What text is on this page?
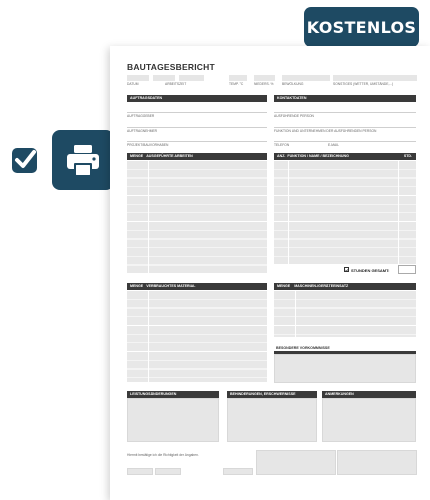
KOSTENLOS
BAUTAGESBERICHT
DATUM	ARBEITSZEIT	TEMP. °C	NIEDERS. %	BEWÖLKUNG	SONSTIGES (WETTER, UMSTÄNDE,...)
AUFTRAGSDATEN
AUFTRAGGEBER
AUFTRAGNEHMER
PROJEKT/BAUVORHABEN
KONTAKTDATEN
AUSFÜHRENDE PERSON
FUNKTION UND UNTERNEHMEN DER AUSFÜHRENDEN PERSON
TELEFON	E-MAIL
MENGE AUSGEFÜHRTE ARBEITEN	ANZ. FUNKTION / NAME / BEZEICHNUNG	STD.
STUNDEN GESAMT:
MENGE VERBRAUCHTES MATERIAL	MENGE MASCHINEN-/GERÄTEEINSATZ
BESONDERE VORKOMMNISSE
LEISTUNGSÄNDERUNGEN	BEHINDERUNGEN, ERSCHWERNISSE	ANMERKUNGEN
Hiermit bestätige ich die Richtigkeit der Angaben.
